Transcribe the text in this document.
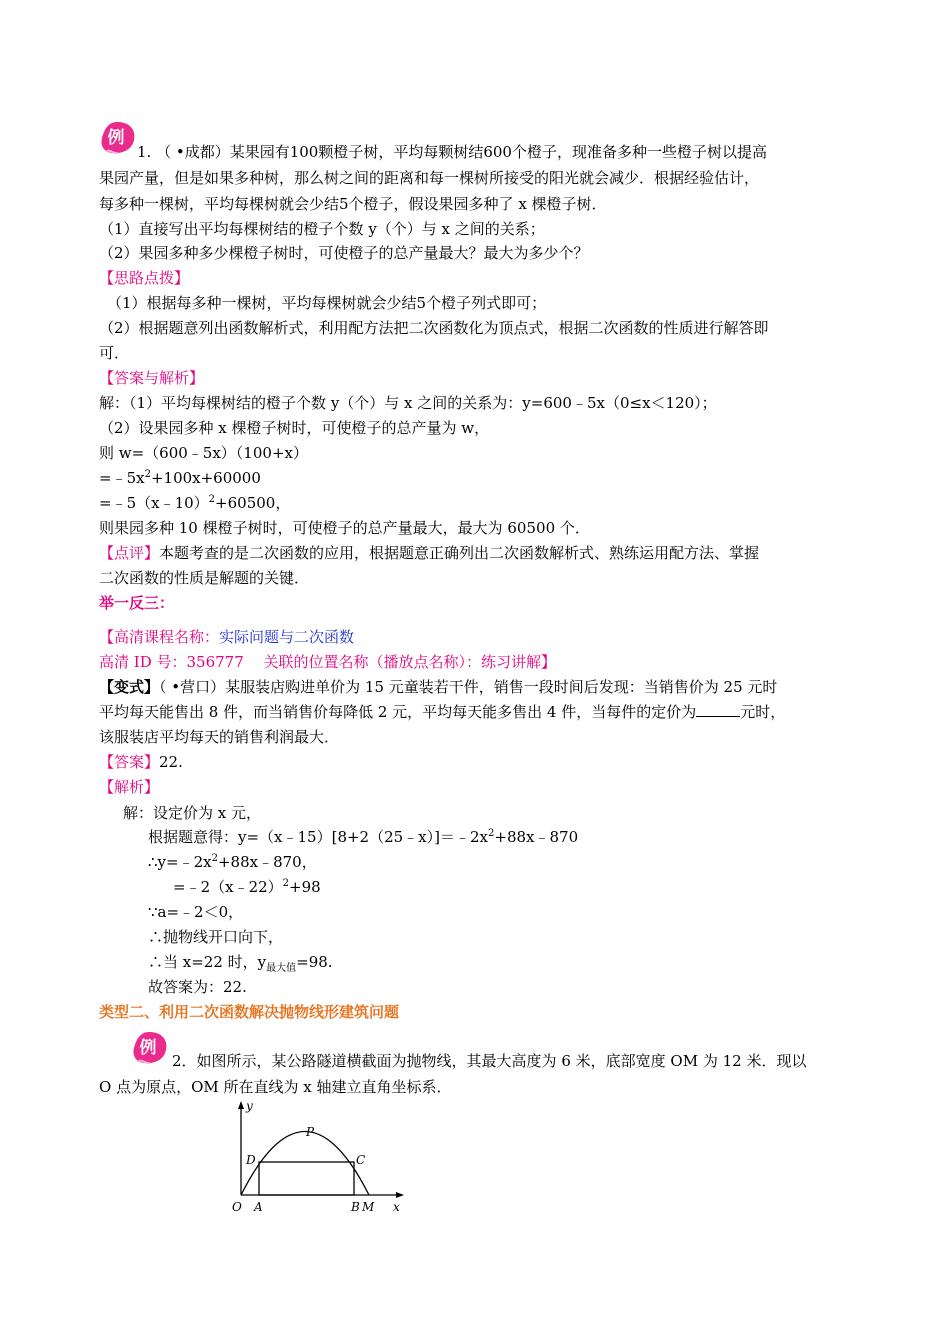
例
1. （ •成都）某果园有100颗橙子树，平均每颗树结600个橙子，现准备多种一些橙子树以提高
果园产量，但是如果多种树，那么树之间的距离和每一棵树所接受的阳光就会减少．根据经验估计，
每多种一棵树，平均每棵树就会少结5个橙子，假设果园多种了 x 棵橙子树．
（1）直接写出平均每棵树结的橙子个数 y（个）与 x 之间的关系；
（2）果园多种多少棵橙子树时，可使橙子的总产量最大？最大为多少个？
【思路点拨】
（1）根据每多种一棵树，平均每棵树就会少结5个橙子列式即可；
（2）根据题意列出函数解析式，利用配方法把二次函数化为顶点式，根据二次函数的性质进行解答即
可．
【答案与解析】
解：（1）平均每棵树结的橙子个数 y（个）与 x 之间的关系为：y=600﹣5x（0≤x＜120）；
（2）设果园多种 x 棵橙子树时，可使橙子的总产量为 w，
则 w=（600﹣5x）（100+x）
$=﹣5x^2+100x+60000$
=﹣5（x﹣10）$^2$+60500，
则果园多种 10 棵橙子树时，可使橙子的总产量最大，最大为 60500 个．
【点评】本题考查的是二次函数的应用，根据题意正确列出二次函数解析式、熟练运用配方法、掌握
二次函数的性质是解题的关键．
举一反三：
【高清课程名称：实际问题与二次函数
高清 ID 号：356777　 关联的位置名称（播放点名称）：练习讲解】
【变式】（ •营口）某服装店购进单价为 15 元童装若干件，销售一段时间后发现：当销售价为 25 元时
平均每天能售出 8 件，而当销售价每降低 2 元，平均每天能多售出 4 件，当每件的定价为	元时，
该服装店平均每天的销售利润最大．
【答案】22.
【解析】
解：设定价为 x 元，
根据题意得：$y=(x﹣15)[8+2(25﹣x)]=﹣2x^2+88x﹣870$
$\therefore y=﹣2x^2+88x﹣870$，
=﹣2（x﹣22）$^2$+98
∵a=﹣2＜0，
∴抛物线开口向下，
∴当 x=22 时，$y_{最大值}=98$.
故答案为：22.
类型二、利用二次函数解决抛物线形建筑问题
例
2．如图所示，某公路隧道横截面为抛物线，其最大高度为 6 米，底部宽度 OM 为 12 米．现以
O 点为原点，OM 所在直线为 x 轴建立直角坐标系．
y
x
O A	B M
C
D
P
